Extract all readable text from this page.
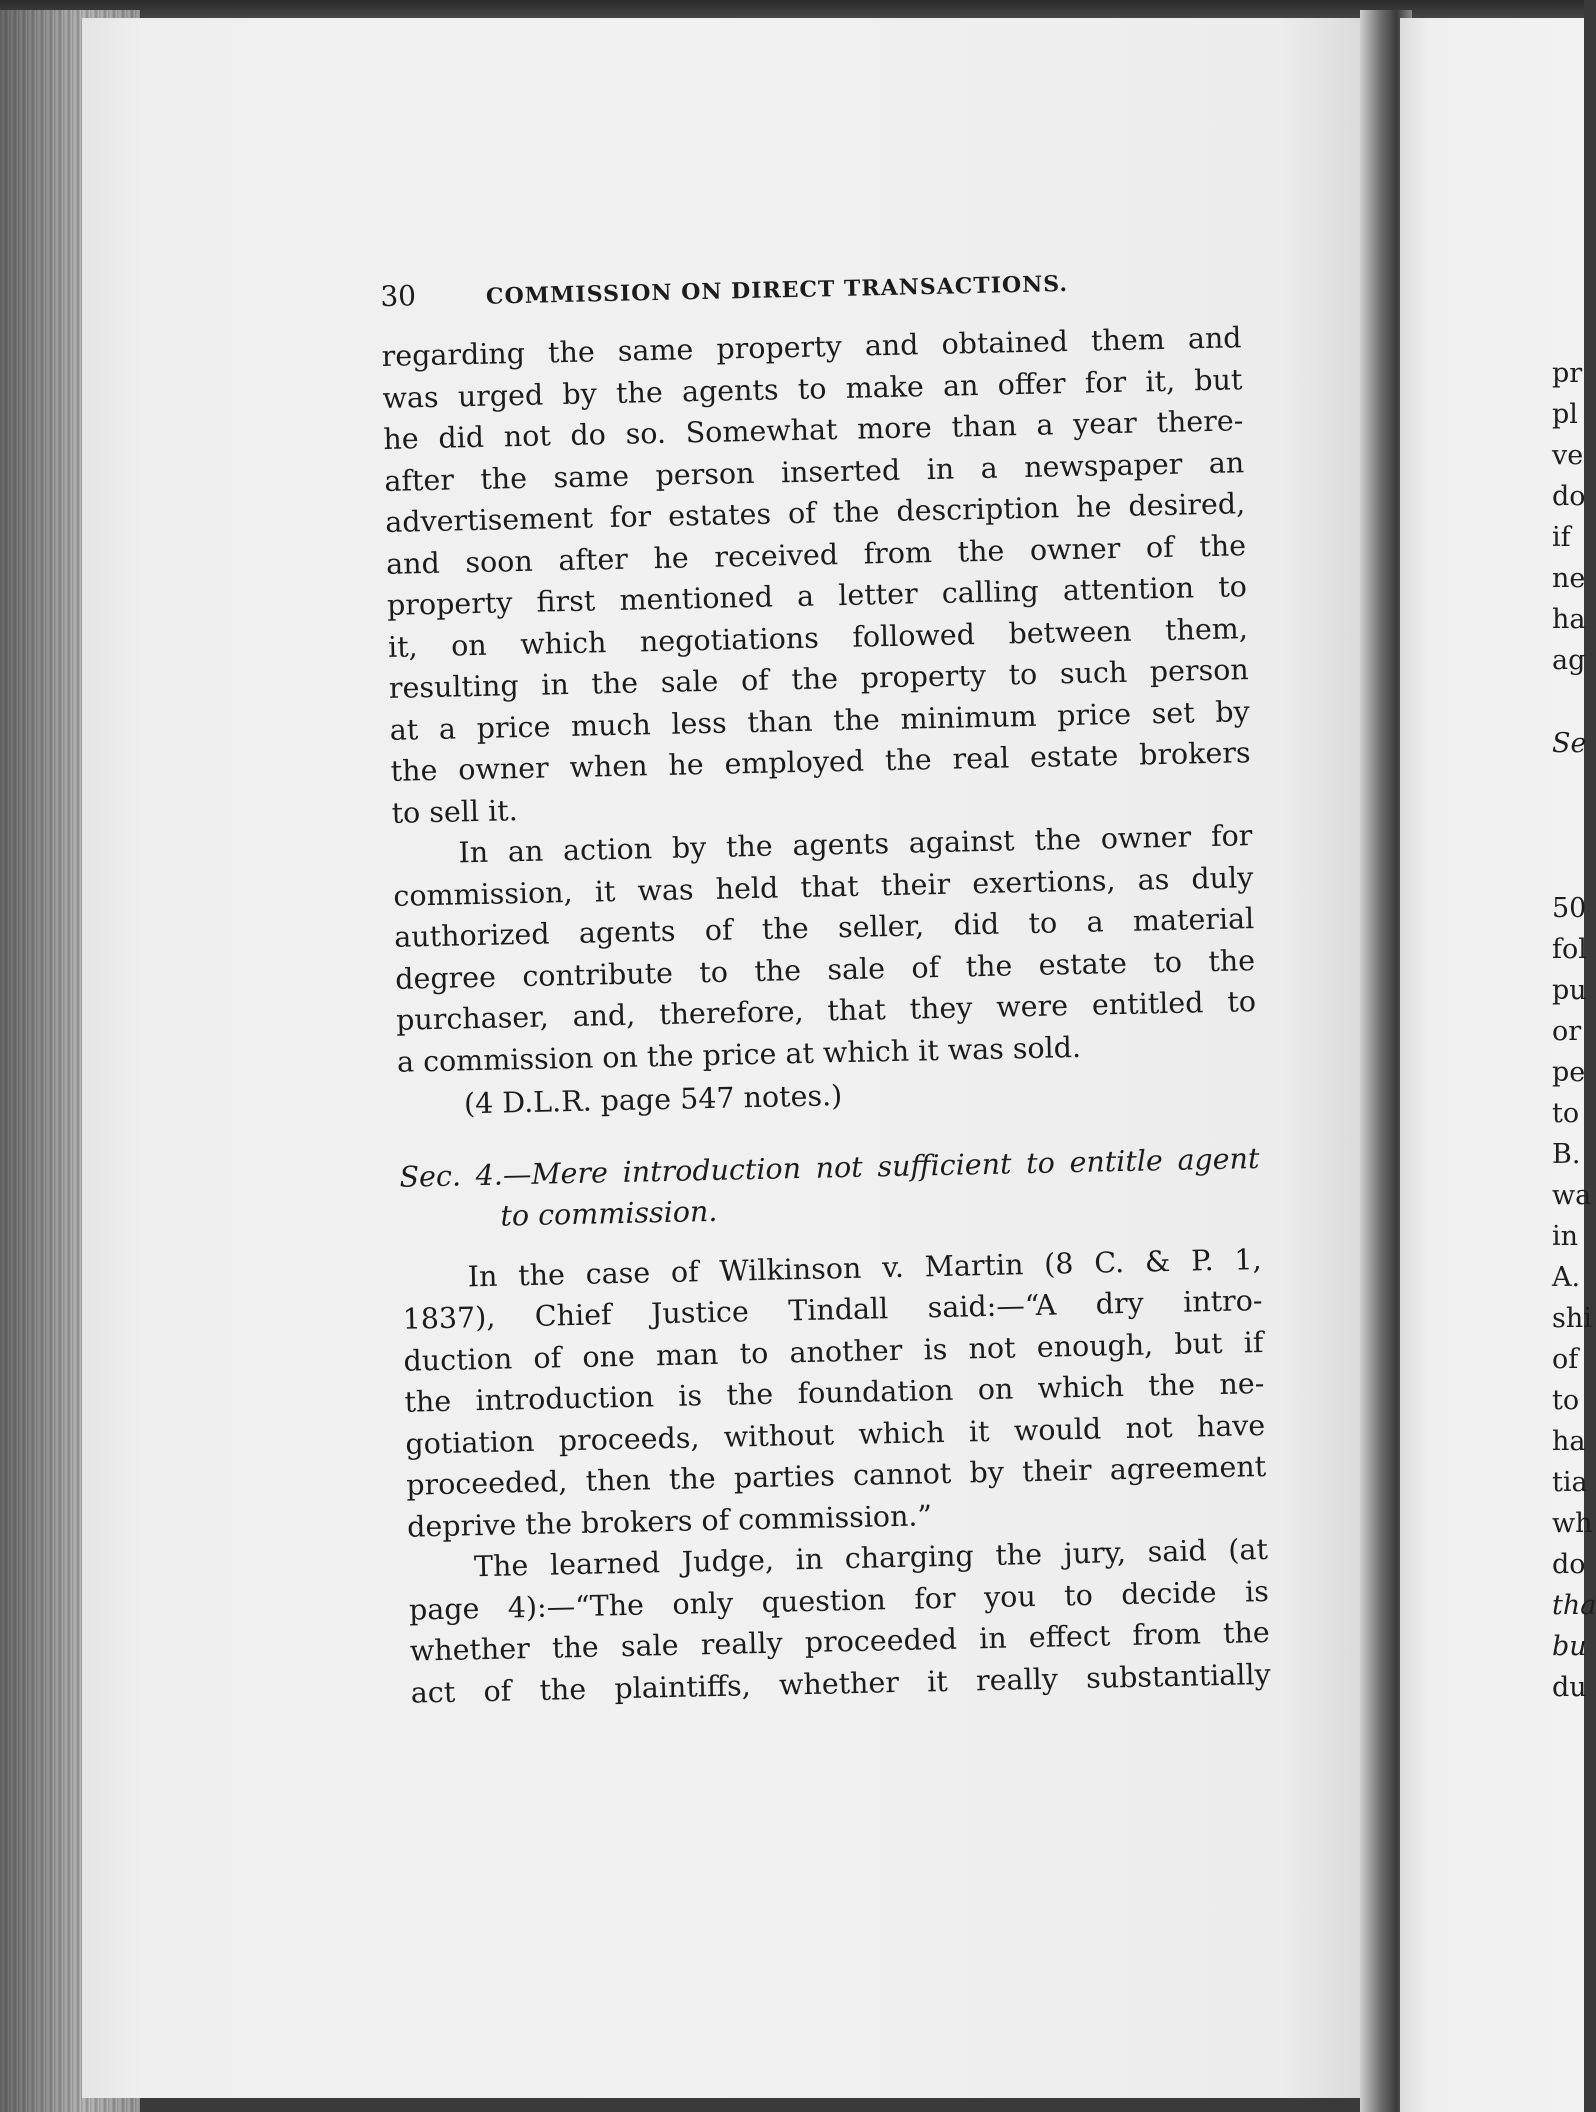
30	COMMISSION ON DIRECT TRANSACTIONS.
regarding the same property and obtained them and
was urged by the agents to make an offer for it, but
he did not do so. Somewhat more than a year there-
after the same person inserted in a newspaper an
advertisement for estates of the description he desired,
and soon after he received from the owner of the
property first mentioned a letter calling attention to
it, on which negotiations followed between them,
resulting in the sale of the property to such person
at a price much less than the minimum price set by
the owner when he employed the real estate brokers
to sell it.
In an action by the agents against the owner for
commission, it was held that their exertions, as duly
authorized agents of the seller, did to a material
degree contribute to the sale of the estate to the
purchaser, and, therefore, that they were entitled to
a commission on the price at which it was sold.
(4 D.L.R. page 547 notes.)
Sec. 4.—Mere introduction not sufficient to entitle agent
to commission.
In the case of Wilkinson v. Martin (8 C. & P. 1,
1837), Chief Justice Tindall said:—“A dry intro-
duction of one man to another is not enough, but if
the introduction is the foundation on which the ne-
gotiation proceeds, without which it would not have
proceeded, then the parties cannot by their agreement
deprive the brokers of commission.”
The learned Judge, in charging the jury, said (at
page 4):—“The only question for you to decide is
whether the sale really proceeded in effect from the
act of the plaintiffs, whether it really substantially
pr
pl
ve
do
if
ne
ha
ag
Se
50
fol
pu
or
pe
to
B.
wa
in
A.
shi
of
to
ha
tia
wh
do
tha
bu
du
